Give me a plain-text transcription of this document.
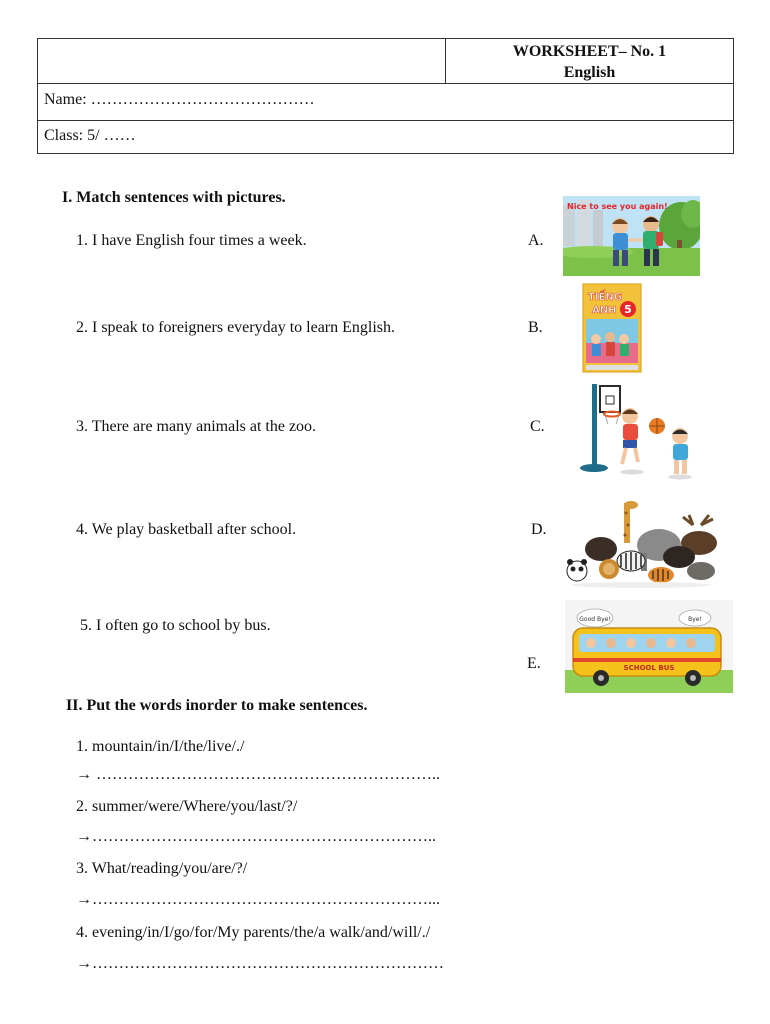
WORKSHEET– No. 1
English
Name: ……………………………………
Class: 5/ ……
I. Match sentences with pictures.
1. I have English four times a week.
2. I speak to foreigners everyday to learn English.
3. There are many animals at the zoo.
4. We play basketball after school.
5. I often go to school by bus.
A.
B.
C.
D.
E.
Nice to see you again!
5
TIẾNG
ANH
Good Bye!	Bye!
SCHOOL BUS
II. Put the words inorder to make sentences.
1. mountain/in/I/the/live/./
→ ………………………………………………………..
2. summer/were/Where/you/last/?/
→………………………………………………………..
3. What/reading/you/are/?/
→………………………………………………………...
4. evening/in/I/go/for/My parents/the/a walk/and/will/./
→…………………………………………………………
